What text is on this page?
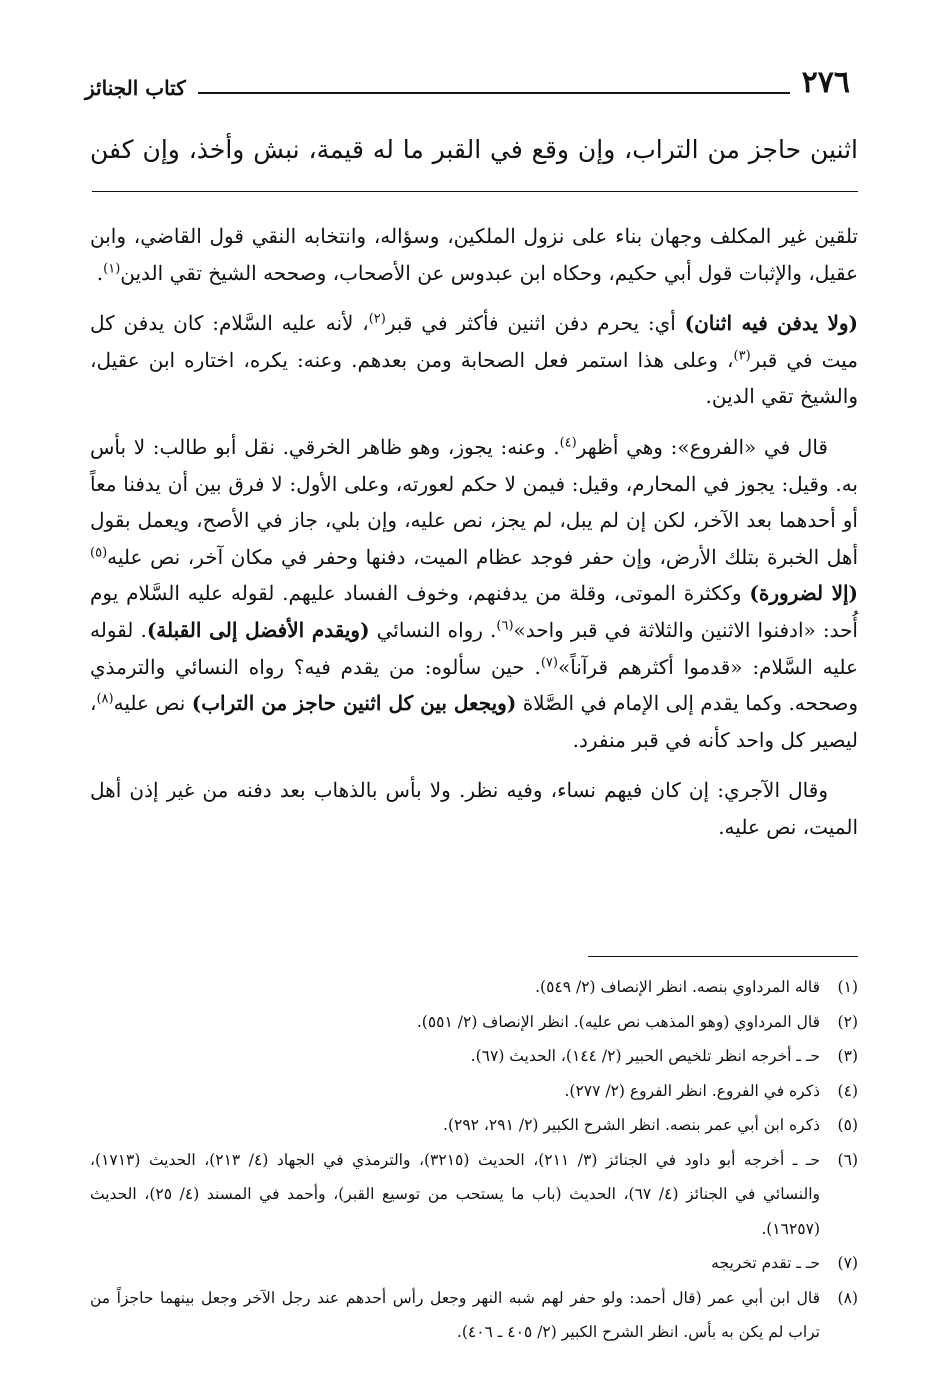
٢٧٦
كتاب الجنائز
اثنين حاجز من التراب، وإن وقع في القبر ما له قيمة، نبش وأخذ، وإن كفن

تلقين غير المكلف وجهان بناء على نزول الملكين، وسؤاله، وانتخابه النقي قول القاضي، وابن عقيل، والإثبات قول أبي حكيم، وحكاه ابن عبدوس عن الأصحاب، وصححه الشيخ تقي الدين$^{(١)}$.

(ولا يدفن فيه اثنان) أي: يحرم دفن اثنين فأكثر في قبر$^{(٢)}$، لأنه عليه السَّلام: كان يدفن كل ميت في قبر$^{(٣)}$، وعلى هذا استمر فعل الصحابة ومن بعدهم. وعنه: يكره، اختاره ابن عقيل، والشيخ تقي الدين.

قال في «الفروع»: وهي أظهر$^{(٤)}$. وعنه: يجوز، وهو ظاهر الخرقي. نقل أبو طالب: لا بأس به. وقيل: يجوز في المحارم، وقيل: فيمن لا حكم لعورته، وعلى الأول: لا فرق بين أن يدفنا معاً أو أحدهما بعد الآخر، لكن إن لم يبل، لم يجز، نص عليه، وإن بلي، جاز في الأصح، ويعمل بقول أهل الخبرة بتلك الأرض، وإن حفر فوجد عظام الميت، دفنها وحفر في مكان آخر، نص عليه$^{(٥)}$ (إلا لضرورة) وككثرة الموتى، وقلة من يدفنهم، وخوف الفساد عليهم. لقوله عليه السَّلام يوم أُحد: «ادفنوا الاثنين والثلاثة في قبر واحد»$^{(٦)}$. رواه النسائي (ويقدم الأفضل إلى القبلة). لقوله عليه السَّلام: «قدموا أكثرهم قرآناً»$^{(٧)}$. حين سألوه: من يقدم فيه؟ رواه النسائي والترمذي وصححه. وكما يقدم إلى الإمام في الصَّلاة (ويجعل بين كل اثنين حاجز من التراب) نص عليه$^{(٨)}$، ليصير كل واحد كأنه في قبر منفرد.

وقال الآجري: إن كان فيهم نساء، وفيه نظر. ولا بأس بالذهاب بعد دفنه من غير إذن أهل الميت، نص عليه.

(١)
قاله المرداوي بنصه. انظر الإنصاف (٢/ ٥٤٩).
(٢)
قال المرداوي (وهو المذهب نص عليه). انظر الإنصاف (٢/ ٥٥١).
(٣)
حـ ـ أخرجه انظر تلخيص الحبير (٢/ ١٤٤)، الحديث (٦٧).
(٤)
ذكره في الفروع. انظر الفروع (٢/ ٢٧٧).
(٥)
ذكره ابن أبي عمر بنصه. انظر الشرح الكبير (٢/ ٢٩١، ٢٩٢).
(٦)
حـ ـ أخرجه أبو داود في الجنائز (٣/ ٢١١)، الحديث (٣٢١٥)، والترمذي في الجهاد (٤/ ٢١٣)، الحديث (١٧١٣)، والنسائي في الجنائز (٤/ ٦٧)، الحديث (باب ما يستحب من توسيع القبر)، وأحمد في المسند (٤/ ٢٥)، الحديث (١٦٢٥٧).
(٧)
حـ ـ تقدم تخريجه
(٨)
قال ابن أبي عمر (قال أحمد: ولو حفر لهم شبه النهر وجعل رأس أحدهم عند رجل الآخر وجعل بينهما حاجزاً من تراب لم يكن به بأس. انظر الشرح الكبير (٢/ ٤٠٥ ـ ٤٠٦).
